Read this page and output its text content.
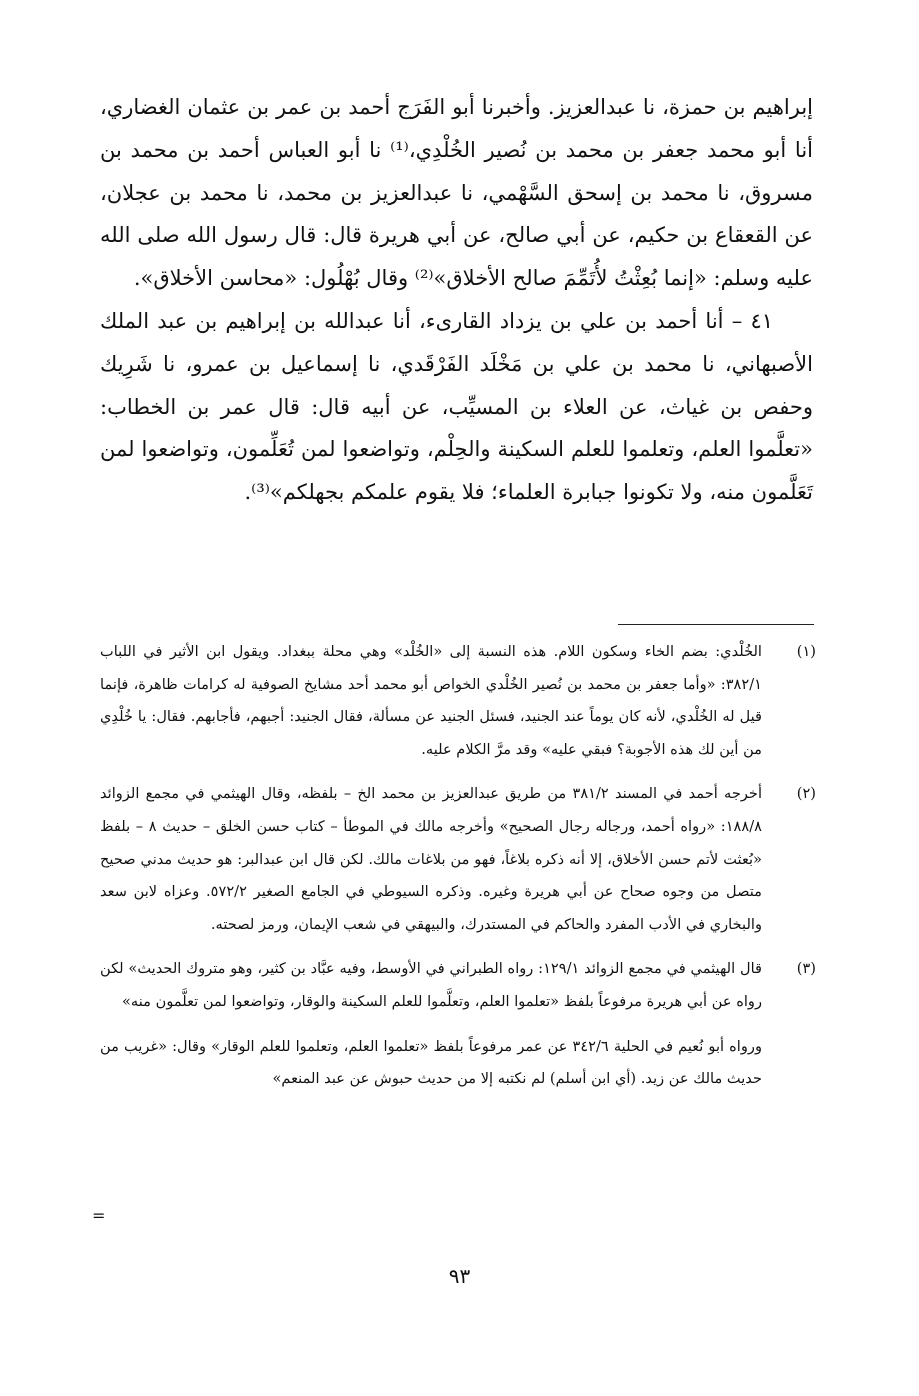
إبراهيم بن حمزة، نا عبدالعزيز. وأخبرنا أبو الفَرَج أحمد بن عمر بن عثمان الغضاري، أنا أبو محمد جعفر بن محمد بن نُصير الخُلْدِي،⁽¹⁾ نا أبو العباس أحمد بن محمد بن مسروق، نا محمد بن إسحق السَّهْمي، نا عبدالعزيز بن محمد، نا محمد بن عجلان، عن القعقاع بن حكيم، عن أبي صالح، عن أبي هريرة قال: قال رسول الله صلى الله عليه وسلم: «إنما بُعِثْتُ لأُتَمِّمَ صالح الأخلاق»⁽²⁾ وقال بُهْلُول: «محاسن الأخلاق».

٤١ – أنا أحمد بن علي بن يزداد القارىء، أنا عبدالله بن إبراهيم بن عبد الملك الأصبهاني، نا محمد بن علي بن مَخْلَد الفَرْقَدي، نا إسماعيل بن عمرو، نا شَرِيك وحفص بن غياث، عن العلاء بن المسيِّب، عن أبيه قال: قال عمر بن الخطاب: «تعلَّموا العلم، وتعلموا للعلم السكينة والحِلْم، وتواضعوا لمن تُعَلِّمون، وتواضعوا لمن تَعَلَّمون منه، ولا تكونوا جبابرة العلماء؛ فلا يقوم علمكم بجهلكم»⁽³⁾.

(١)
الخُلْدي: بضم الخاء وسكون اللام. هذه النسبة إلى «الخُلْد» وهي محلة ببغداد. ويقول ابن الأثير في اللباب ٣٨٢/١: «وأما جعفر بن محمد بن نُصير الخُلْدي الخواص أبو محمد أحد مشايخ الصوفية له كرامات ظاهرة، فإنما قيل له الخُلْدي، لأنه كان يوماً عند الجنيد، فسئل الجنيد عن مسألة، فقال الجنيد: أجبهم، فأجابهم. فقال: يا خُلْدِي من أين لك هذه الأجوبة؟ فبقي عليه» وقد مرَّ الكلام عليه.
(٢)
أخرجه أحمد في المسند ٣٨١/٢ من طريق عبدالعزيز بن محمد الخ – بلفظه، وقال الهيثمي في مجمع الزوائد ١٨٨/٨: «رواه أحمد، ورجاله رجال الصحيح» وأخرجه مالك في الموطأ – كتاب حسن الخلق – حديث ٨ – بلفظ «بُعثت لأتم حسن الأخلاق، إلا أنه ذكره بلاغاً، فهو من بلاغات مالك. لكن قال ابن عبدالبر: هو حديث مدني صحيح متصل من وجوه صحاح عن أبي هريرة وغيره. وذكره السيوطي في الجامع الصغير ٥٧٢/٢. وعزاه لابن سعد والبخاري في الأدب المفرد والحاكم في المستدرك، والبيهقي في شعب الإيمان، ورمز لصحته.
(٣)
قال الهيثمي في مجمع الزوائد ١٢٩/١: رواه الطبراني في الأوسط، وفيه عبَّاد بن كثير، وهو متروك الحديث» لكن رواه عن أبي هريرة مرفوعاً بلفظ «تعلموا العلم، وتعلَّموا للعلم السكينة والوقار، وتواضعوا لمن تعلَّمون منه»
ورواه أبو نُعيم في الحلية ٣٤٢/٦ عن عمر مرفوعاً بلفظ «تعلموا العلم، وتعلموا للعلم الوقار» وقال: «غريب من حديث مالك عن زيد. (أي ابن أسلم) لم نكتبه إلا من حديث حبوش عن عبد المنعم»
=
٩٣
